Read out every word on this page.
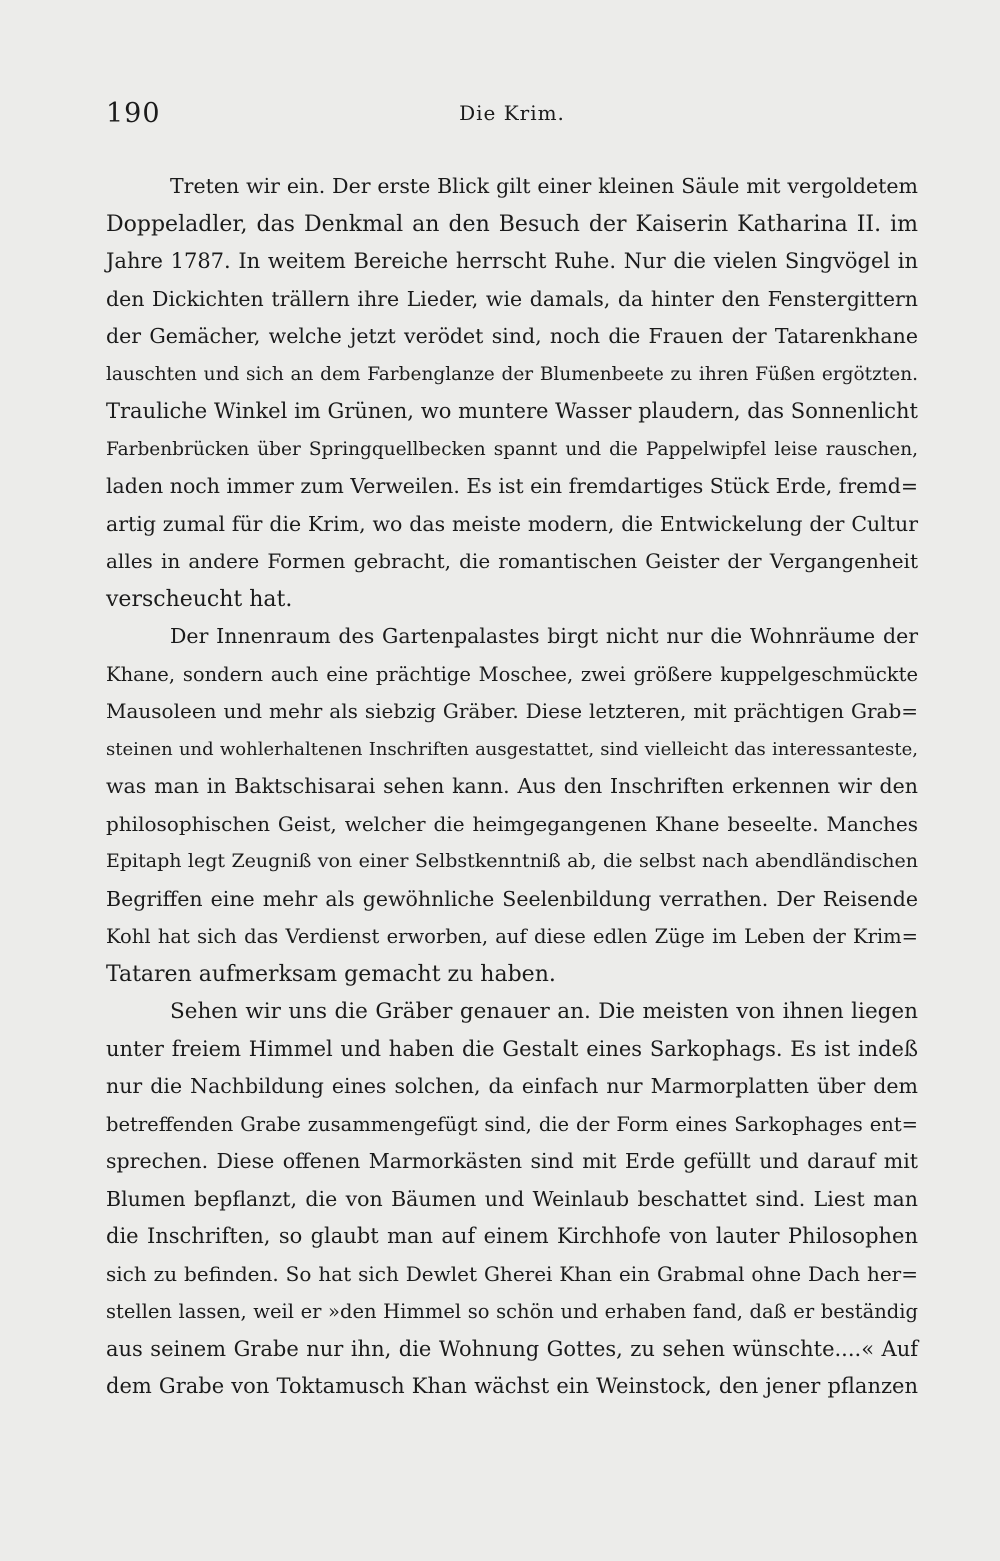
190	Die Krim.
Treten wir ein. Der erste Blick gilt einer kleinen Säule mit vergoldetem
Doppeladler, das Denkmal an den Besuch der Kaiserin Katharina II. im
Jahre 1787. In weitem Bereiche herrscht Ruhe. Nur die vielen Singvögel in
den Dickichten trällern ihre Lieder, wie damals, da hinter den Fenstergittern
der Gemächer, welche jetzt verödet sind, noch die Frauen der Tatarenkhane
lauschten und sich an dem Farbenglanze der Blumenbeete zu ihren Füßen ergötzten.
Trauliche Winkel im Grünen, wo muntere Wasser plaudern, das Sonnenlicht
Farbenbrücken über Springquellbecken spannt und die Pappelwipfel leise rauschen,
laden noch immer zum Verweilen. Es ist ein fremdartiges Stück Erde, fremd=
artig zumal für die Krim, wo das meiste modern, die Entwickelung der Cultur
alles in andere Formen gebracht, die romantischen Geister der Vergangenheit
verscheucht hat.
Der Innenraum des Gartenpalastes birgt nicht nur die Wohnräume der
Khane, sondern auch eine prächtige Moschee, zwei größere kuppelgeschmückte
Mausoleen und mehr als siebzig Gräber. Diese letzteren, mit prächtigen Grab=
steinen und wohlerhaltenen Inschriften ausgestattet, sind vielleicht das interessanteste,
was man in Baktschisarai sehen kann. Aus den Inschriften erkennen wir den
philosophischen Geist, welcher die heimgegangenen Khane beseelte. Manches
Epitaph legt Zeugniß von einer Selbstkenntniß ab, die selbst nach abendländischen
Begriffen eine mehr als gewöhnliche Seelenbildung verrathen. Der Reisende
Kohl hat sich das Verdienst erworben, auf diese edlen Züge im Leben der Krim=
Tataren aufmerksam gemacht zu haben.
Sehen wir uns die Gräber genauer an. Die meisten von ihnen liegen
unter freiem Himmel und haben die Gestalt eines Sarkophags. Es ist indeß
nur die Nachbildung eines solchen, da einfach nur Marmorplatten über dem
betreffenden Grabe zusammengefügt sind, die der Form eines Sarkophages ent=
sprechen. Diese offenen Marmorkästen sind mit Erde gefüllt und darauf mit
Blumen bepflanzt, die von Bäumen und Weinlaub beschattet sind. Liest man
die Inschriften, so glaubt man auf einem Kirchhofe von lauter Philosophen
sich zu befinden. So hat sich Dewlet Gherei Khan ein Grabmal ohne Dach her=
stellen lassen, weil er »den Himmel so schön und erhaben fand, daß er beständig
aus seinem Grabe nur ihn, die Wohnung Gottes, zu sehen wünschte....« Auf
dem Grabe von Toktamusch Khan wächst ein Weinstock, den jener pflanzen
